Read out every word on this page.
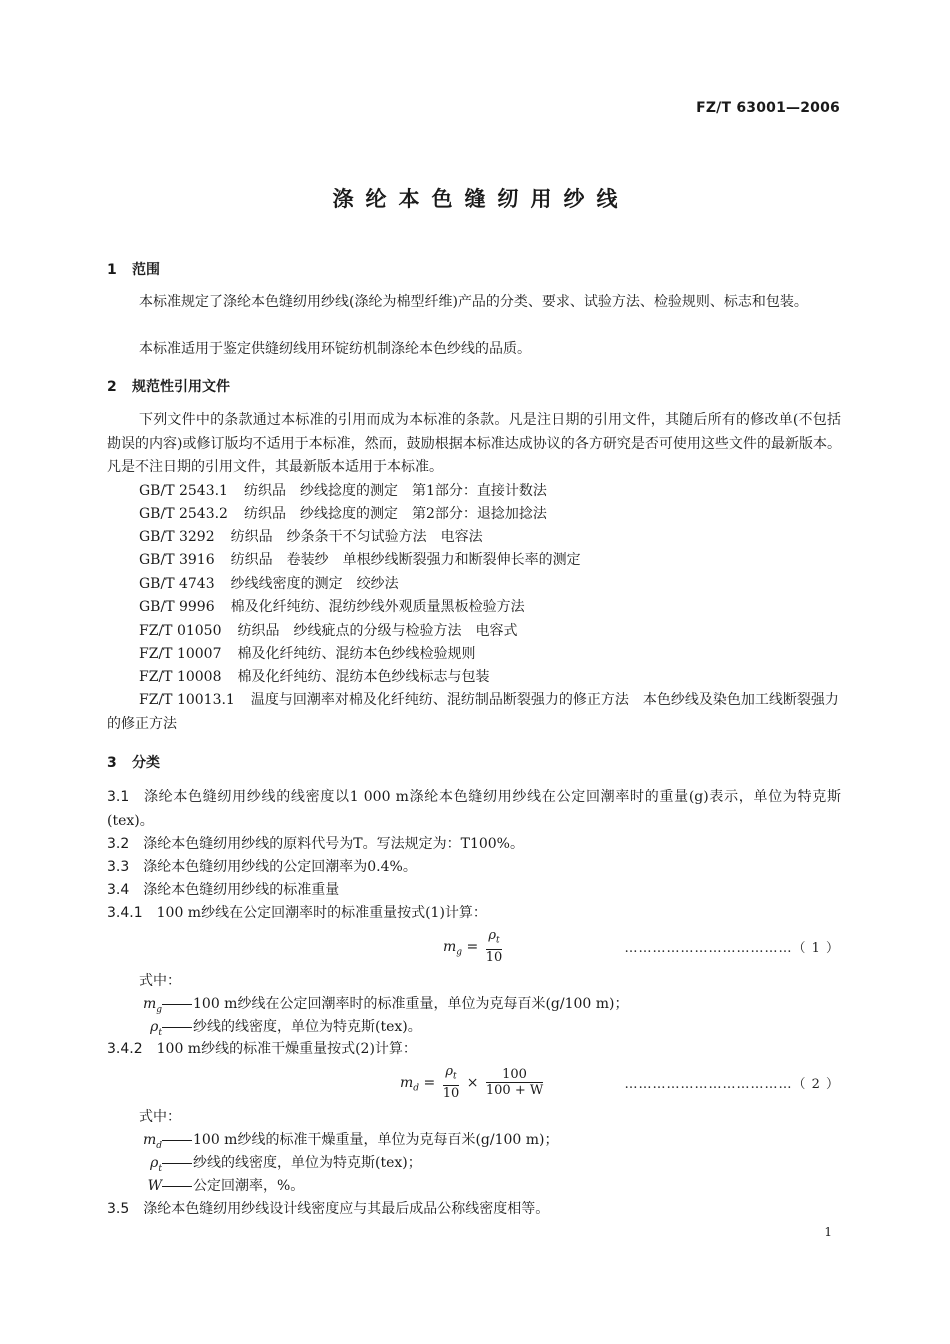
FZ/T 63001—2006
涤纶本色缝纫用纱线
1 范围
本标准规定了涤纶本色缝纫用纱线(涤纶为棉型纤维)产品的分类、要求、试验方法、检验规则、标志和包装。
本标准适用于鉴定供缝纫线用环锭纺机制涤纶本色纱线的品质。
2 规范性引用文件
下列文件中的条款通过本标准的引用而成为本标准的条款。凡是注日期的引用文件，其随后所有的修改单(不包括勘误的内容)或修订版均不适用于本标准，然而，鼓励根据本标准达成协议的各方研究是否可使用这些文件的最新版本。凡是不注日期的引用文件，其最新版本适用于本标准。
GB/T 2543.1 纺织品　纱线捻度的测定　第1部分：直接计数法
GB/T 2543.2 纺织品　纱线捻度的测定　第2部分：退捻加捻法
GB/T 3292 纺织品　纱条条干不匀试验方法　电容法
GB/T 3916 纺织品　卷装纱　单根纱线断裂强力和断裂伸长率的测定
GB/T 4743 纱线线密度的测定　绞纱法
GB/T 9996 棉及化纤纯纺、混纺纱线外观质量黑板检验方法
FZ/T 01050 纺织品　纱线疵点的分级与检验方法　电容式
FZ/T 10007 棉及化纤纯纺、混纺本色纱线检验规则
FZ/T 10008 棉及化纤纯纺、混纺本色纱线标志与包装
FZ/T 10013.1 温度与回潮率对棉及化纤纯纺、混纺制品断裂强力的修正方法　本色纱线及染色加工线断裂强力的修正方法
3 分类
3.1 涤纶本色缝纫用纱线的线密度以1 000 m涤纶本色缝纫用纱线在公定回潮率时的重量(g)表示，单位为特克斯(tex)。
3.2 涤纶本色缝纫用纱线的原料代号为T。写法规定为：T100%。
3.3 涤纶本色缝纫用纱线的公定回潮率为0.4%。
3.4 涤纶本色缝纫用纱线的标准重量
3.4.1 100 m纱线在公定回潮率时的标准重量按式(1)计算：
$m_g = \frac{\rho_t}{10}$	………………………………（ 1 ）
式中：
$m_g$ 100 m纱线在公定回潮率时的标准重量，单位为克每百米(g/100 m)；
$\rho_t$ 纱线的线密度，单位为特克斯(tex)。
3.4.2 100 m纱线的标准干燥重量按式(2)计算：
$m_d = \frac{\rho_t}{10} \times \frac{100}{100 + W}$	………………………………（ 2 ）
式中：
$m_d$ 100 m纱线的标准干燥重量，单位为克每百米(g/100 m)；
$\rho_t$ 纱线的线密度，单位为特克斯(tex)；
W 公定回潮率，%。
3.5 涤纶本色缝纫用纱线设计线密度应与其最后成品公称线密度相等。
1
